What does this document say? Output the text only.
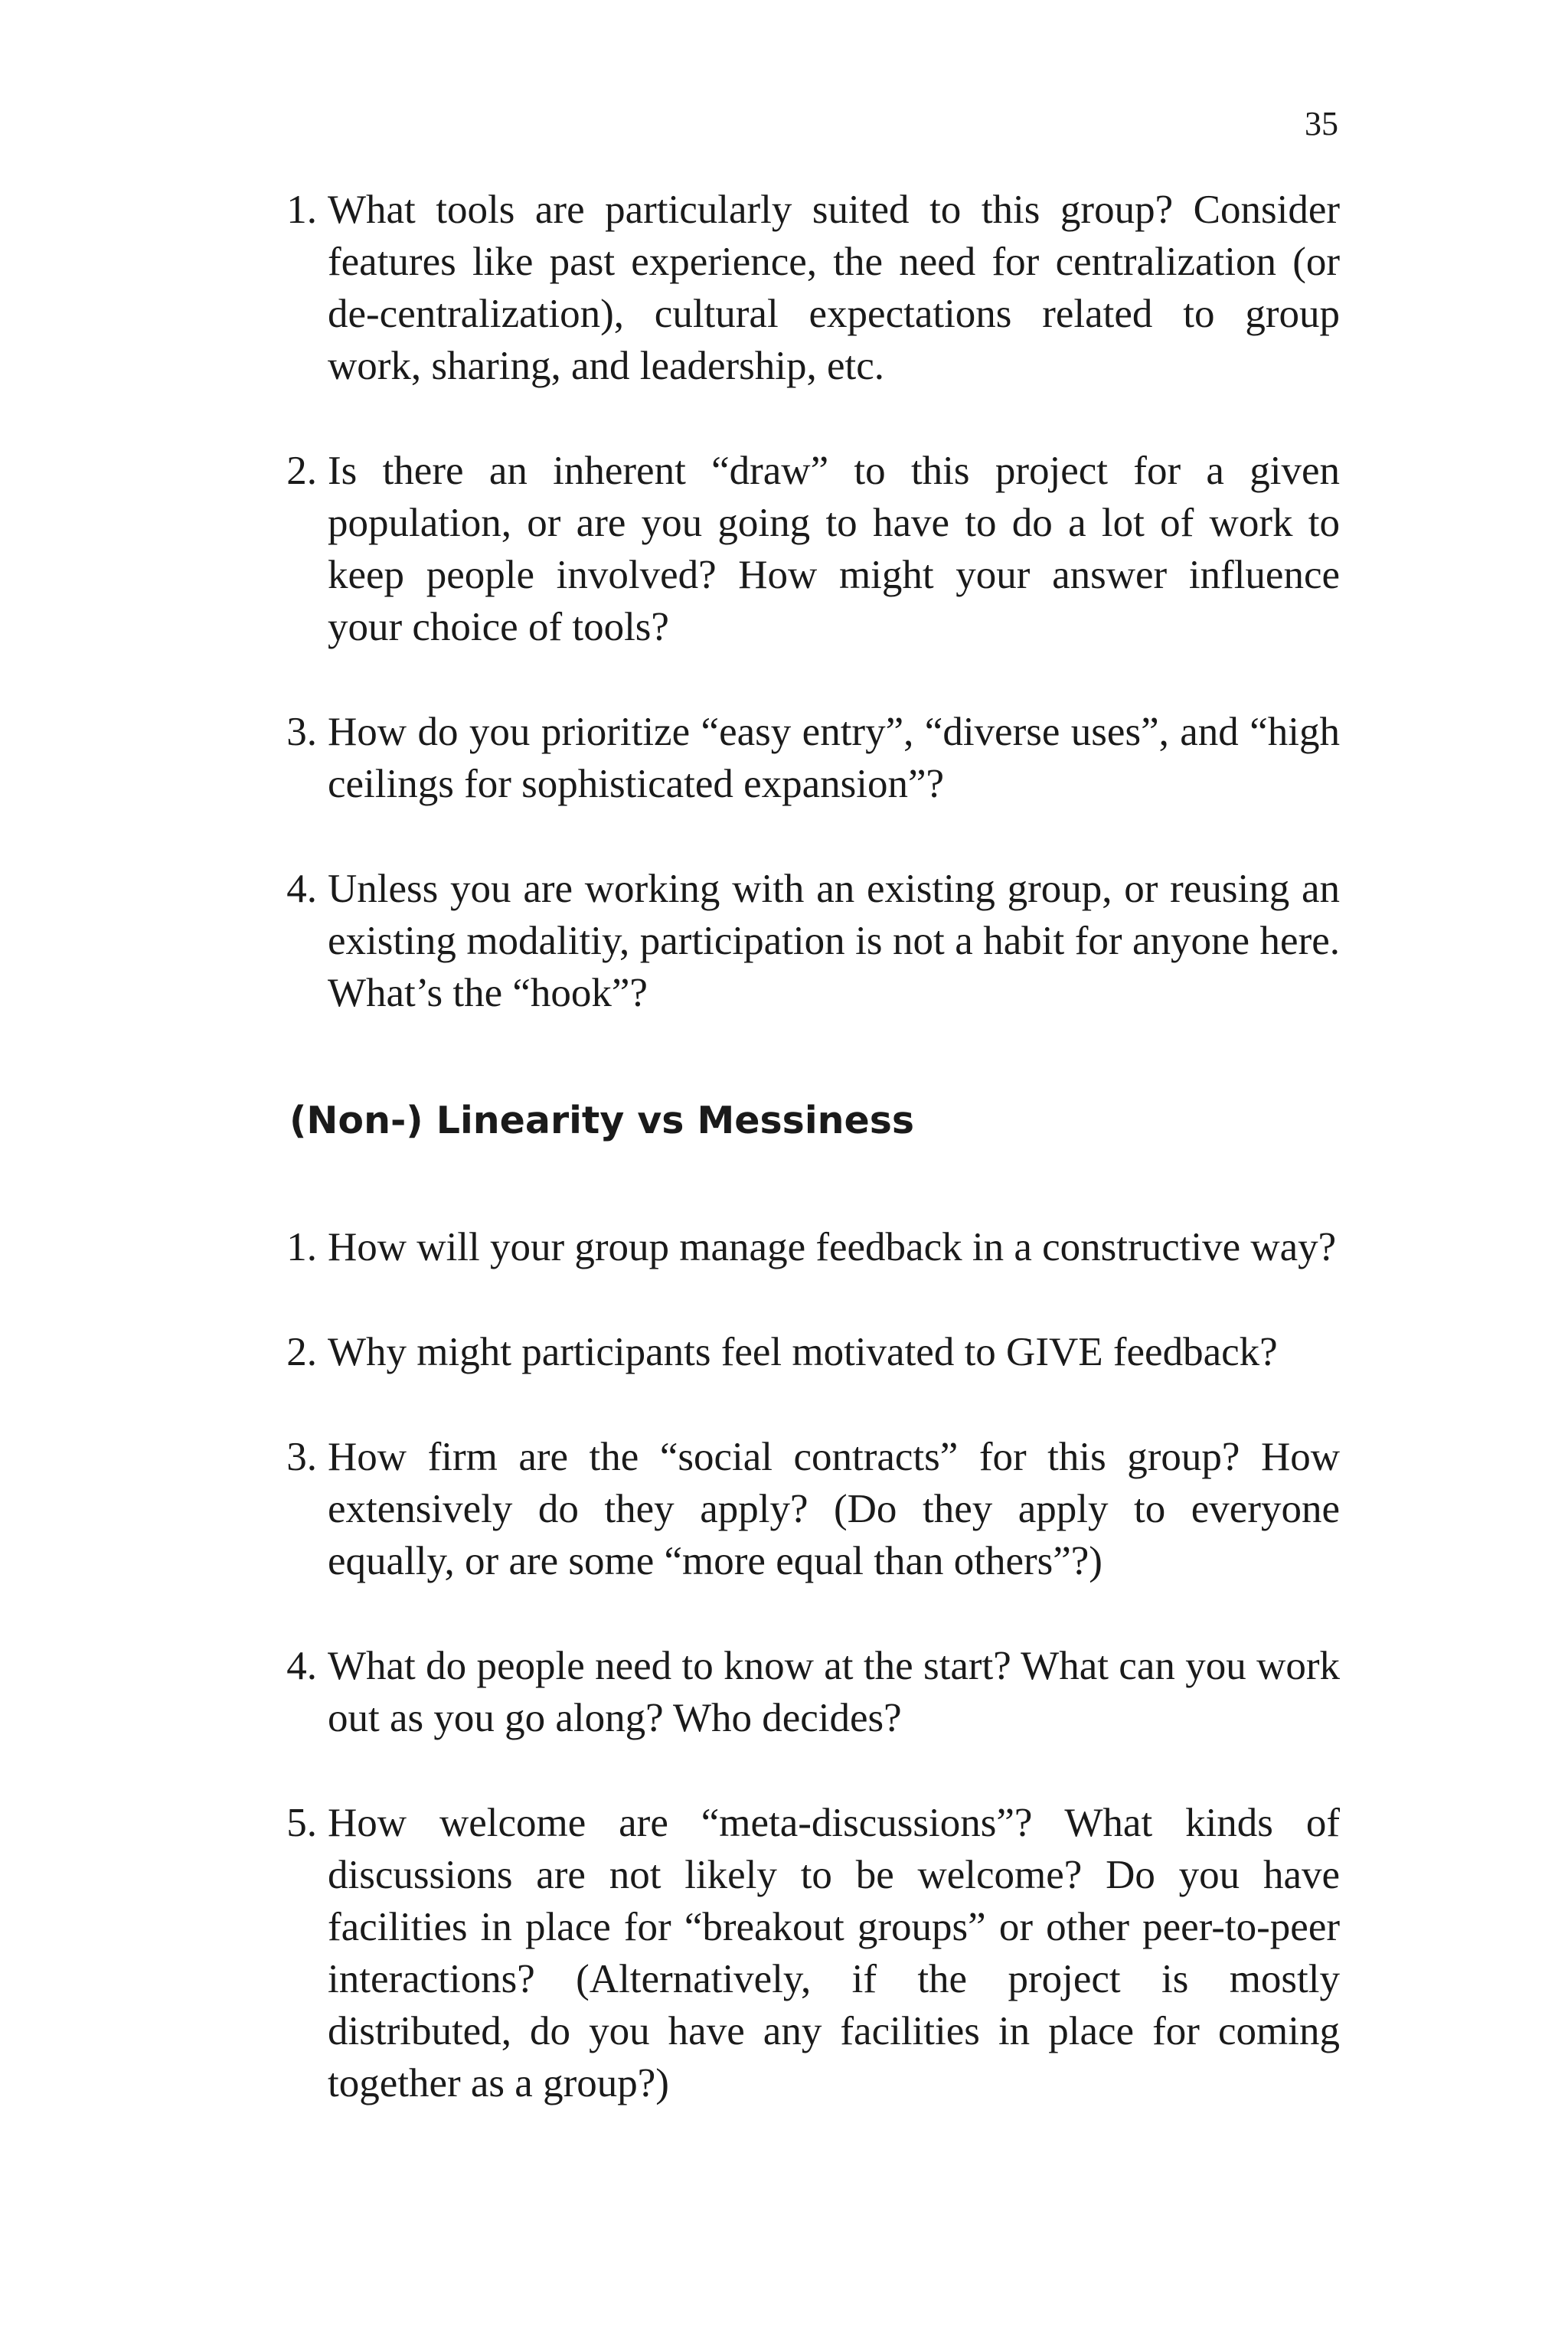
35
1. What tools are particularly suited to this group? Consider features like past experience, the need for centralization (or de-centralization), cultural expectations related to group work, sharing, and leadership, etc.
2. Is there an inherent “draw” to this project for a given population, or are you going to have to do a lot of work to keep people involved? How might your answer influence your choice of tools?
3. How do you prioritize “easy entry”, “diverse uses”, and “high ceilings for sophisticated expansion”?
4. Unless you are working with an existing group, or reusing an existing modalitiy, participation is not a habit for anyone here. What’s the “hook”?
(Non-) Linearity vs Messiness
1. How will your group manage feedback in a constructive way?
2. Why might participants feel motivated to GIVE feedback?
3. How firm are the “social contracts” for this group? How extensively do they apply? (Do they apply to everyone equally, or are some “more equal than others”?)
4. What do people need to know at the start? What can you work out as you go along? Who decides?
5. How welcome are “meta-discussions”? What kinds of discussions are not likely to be welcome? Do you have facilities in place for “breakout groups” or other peer-to-peer interactions? (Alternatively, if the project is mostly distributed, do you have any facilities in place for coming together as a group?)
